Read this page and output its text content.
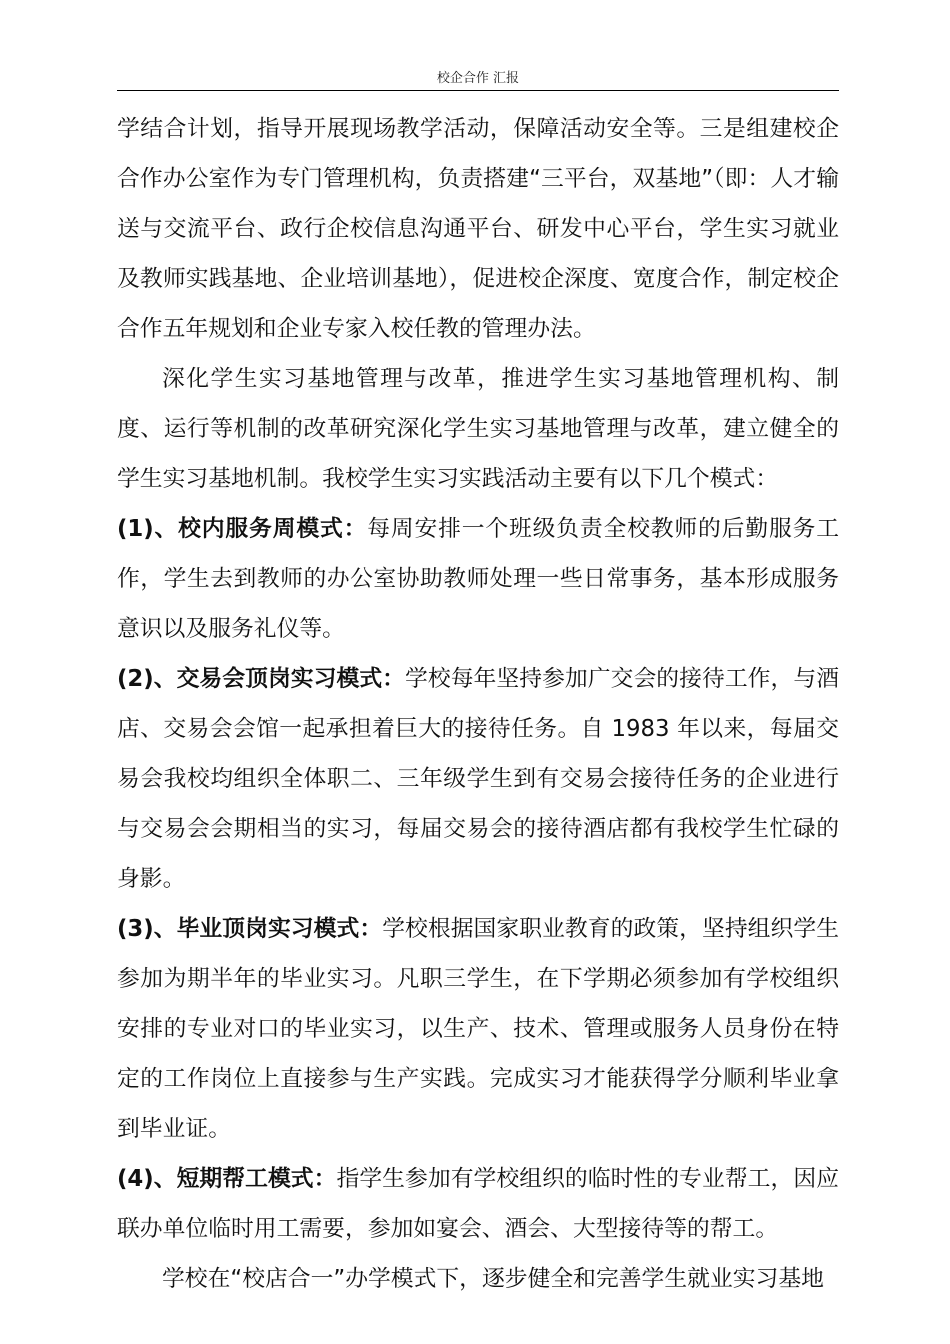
校企合作 汇报

学结合计划，指导开展现场教学活动，保障活动安全等。三是组建校企合作办公室作为专门管理机构，负责搭建“三平台，双基地”（即：人才输送与交流平台、政行企校信息沟通平台、研发中心平台，学生实习就业及教师实践基地、企业培训基地），促进校企深度、宽度合作，制定校企合作五年规划和企业专家入校任教的管理办法。

深化学生实习基地管理与改革，推进学生实习基地管理机构、制度、运行等机制的改革研究深化学生实习基地管理与改革，建立健全的学生实习基地机制。我校学生实习实践活动主要有以下几个模式：

(1)、校内服务周模式：每周安排一个班级负责全校教师的后勤服务工作，学生去到教师的办公室协助教师处理一些日常事务，基本形成服务意识以及服务礼仪等。

(2)、交易会顶岗实习模式：学校每年坚持参加广交会的接待工作，与酒店、交易会会馆一起承担着巨大的接待任务。自 1983 年以来，每届交易会我校均组织全体职二、三年级学生到有交易会接待任务的企业进行与交易会会期相当的实习，每届交易会的接待酒店都有我校学生忙碌的身影。

(3)、毕业顶岗实习模式：学校根据国家职业教育的政策，坚持组织学生参加为期半年的毕业实习。凡职三学生，在下学期必须参加有学校组织安排的专业对口的毕业实习，以生产、技术、管理或服务人员身份在特定的工作岗位上直接参与生产实践。完成实习才能获得学分顺利毕业拿到毕业证。

(4)、短期帮工模式：指学生参加有学校组织的临时性的专业帮工，因应联办单位临时用工需要，参加如宴会、酒会、大型接待等的帮工。

学校在“校店合一”办学模式下，逐步健全和完善学生就业实习基地
